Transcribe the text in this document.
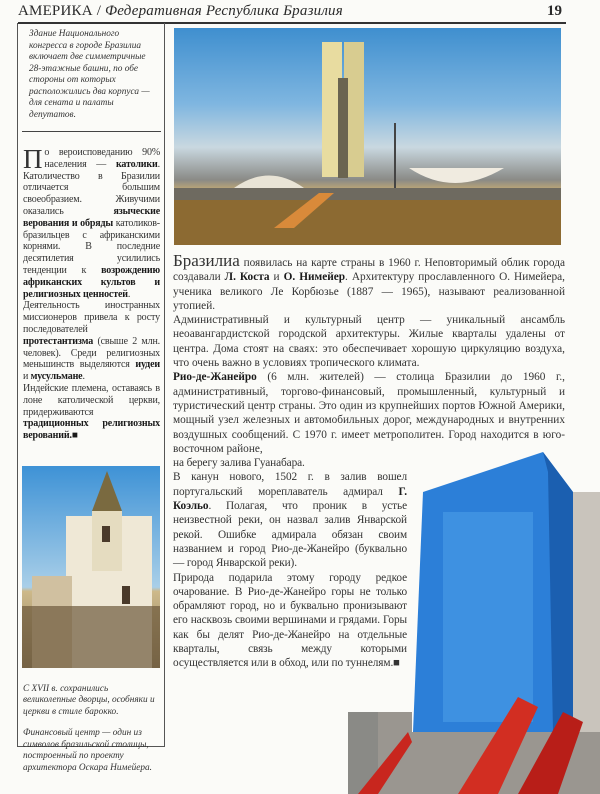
АМЕРИКА / Федеративная Республика Бразилия	19
Здание Национального конгресса в городе Бразилиа включает две симметричные 28-этажные башни, по обе стороны от которых расположились два корпуса — для сената и палаты депутатов.
П о вероисповеданию 90% населения — католики. Католичество в Бразилии отличается большим своеобразием. Живучими оказались языческие верования и обряды католиков-бразильцев с африканскими корнями. В последние десятилетия усилились тенденции к возрождению африканских культов и религиозных ценностей.

Деятельность иностранных миссионеров привела к росту последователей протестантизма (свыше 2 млн. человек). Среди религиозных меньшинств выделяются иудеи и мусульмане.

Индейские племена, оставаясь в лоне католической церкви, придерживаются традиционных религиозных верований.■

С XVII в. сохранились великолепные дворцы, особняки и церкви в стиле барокко.
Финансовый центр — один из символов бразильской столицы, построенный по проекту архитектора Оскара Нимейера.

Бразилиа появилась на карте страны в 1960 г. Неповторимый облик города создавали Л. Коста и О. Нимейер. Архитектуру прославленного О. Нимейера, ученика великого Ле Корбюзье (1887 — 1965), называют реализованной утопией.

Административный и культурный центр — уникальный ансамбль неоавангардистской городской архитектуры. Жилые кварталы удалены от центра. Дома стоят на сваях: это обеспечивает хорошую циркуляцию воздуха, что очень важно в условиях тропического климата.

Рио-де-Жанейро (6 млн. жителей) — столица Бразилии до 1960 г., административный, торгово-финансовый, промышленный, культурный и туристический центр страны. Это один из крупнейших портов Южной Америки, мощный узел железных и автомобильных дорог, международных и внутренних воздушных сообщений. С 1970 г. имеет метрополитен. Город находится в юго-восточном районе,

на берегу залива Гуанабара.

В канун нового, 1502 г. в залив вошел португальский мореплаватель адмирал Г. Коэльо. Полагая, что проник в устье неизвестной реки, он назвал залив Январской рекой. Ошибке адмирала обязан своим названием и город Рио-де-Жанейро (буквально — город Январской реки).

Природа подарила этому городу редкое очарование. В Рио-де-Жанейро горы не только обрамляют город, но и буквально пронизывают его насквозь своими вершинами и грядами. Горы как бы делят Рио-де-Жанейро на отдельные кварталы, связь между которыми осуществляется или в обход, или по туннелям.■
